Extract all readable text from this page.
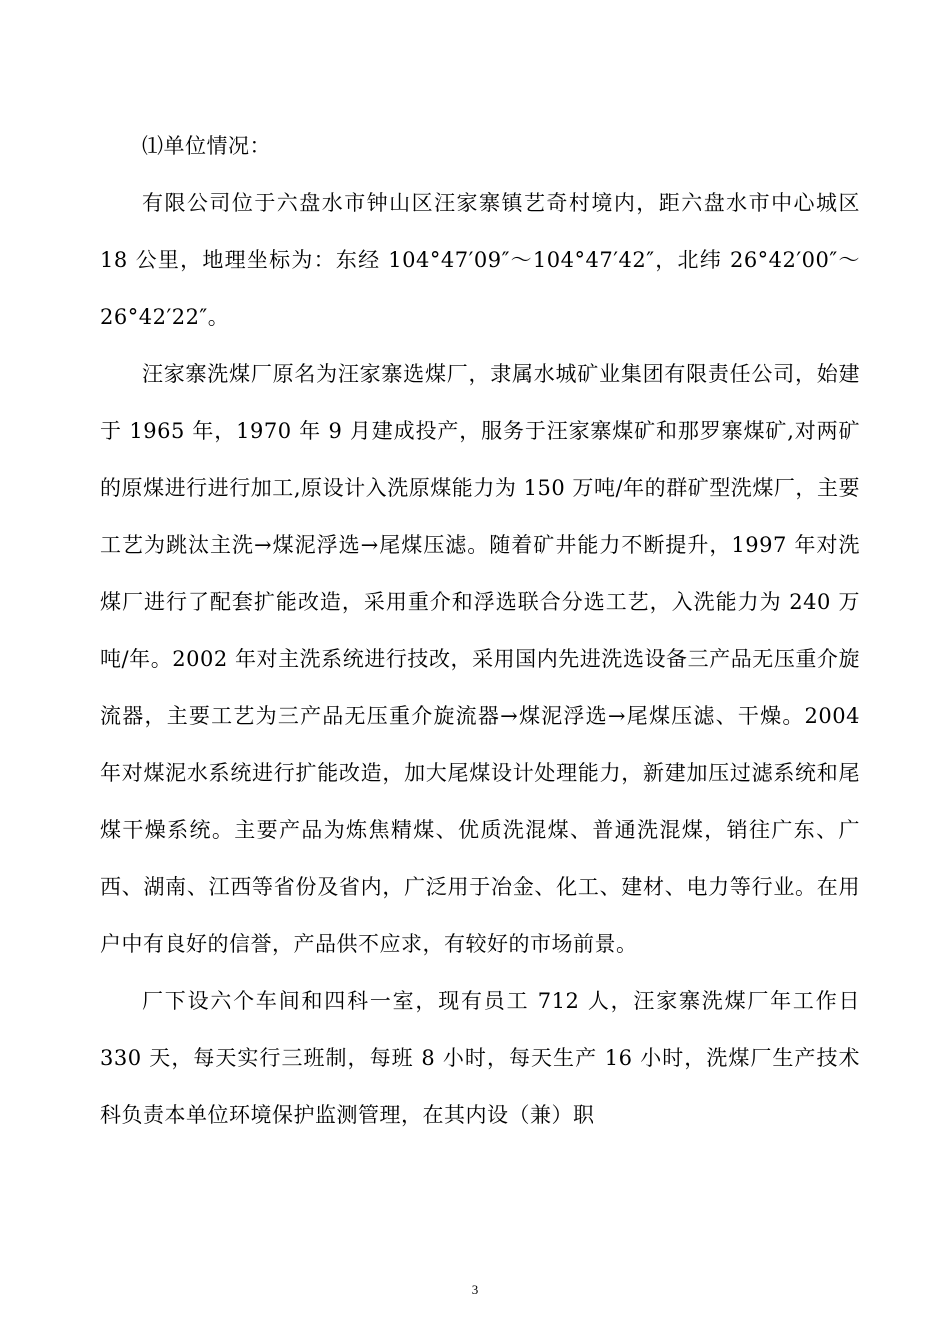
⑴单位情况：

有限公司位于六盘水市钟山区汪家寨镇艺奇村境内，距六盘水市中心城区 18 公里，地理坐标为：东经 104°47′09″～104°47′42″，北纬 26°42′00″～26°42′22″。

汪家寨洗煤厂原名为汪家寨选煤厂，隶属水城矿业集团有限责任公司，始建于 1965 年，1970 年 9 月建成投产，服务于汪家寨煤矿和那罗寨煤矿,对两矿的原煤进行进行加工,原设计入洗原煤能力为 150 万吨/年的群矿型洗煤厂，主要工艺为跳汰主洗→煤泥浮选→尾煤压滤。随着矿井能力不断提升，1997 年对洗煤厂进行了配套扩能改造，采用重介和浮选联合分选工艺，入洗能力为 240 万吨/年。2002 年对主洗系统进行技改，采用国内先进洗选设备三产品无压重介旋流器，主要工艺为三产品无压重介旋流器→煤泥浮选→尾煤压滤、干燥。2004 年对煤泥水系统进行扩能改造，加大尾煤设计处理能力，新建加压过滤系统和尾煤干燥系统。主要产品为炼焦精煤、优质洗混煤、普通洗混煤，销往广东、广西、湖南、江西等省份及省内，广泛用于冶金、化工、建材、电力等行业。在用户中有良好的信誉，产品供不应求，有较好的市场前景。

厂下设六个车间和四科一室，现有员工 712 人，汪家寨洗煤厂年工作日 330 天，每天实行三班制，每班 8 小时，每天生产 16 小时，洗煤厂生产技术科负责本单位环境保护监测管理，在其内设（兼）职

3
